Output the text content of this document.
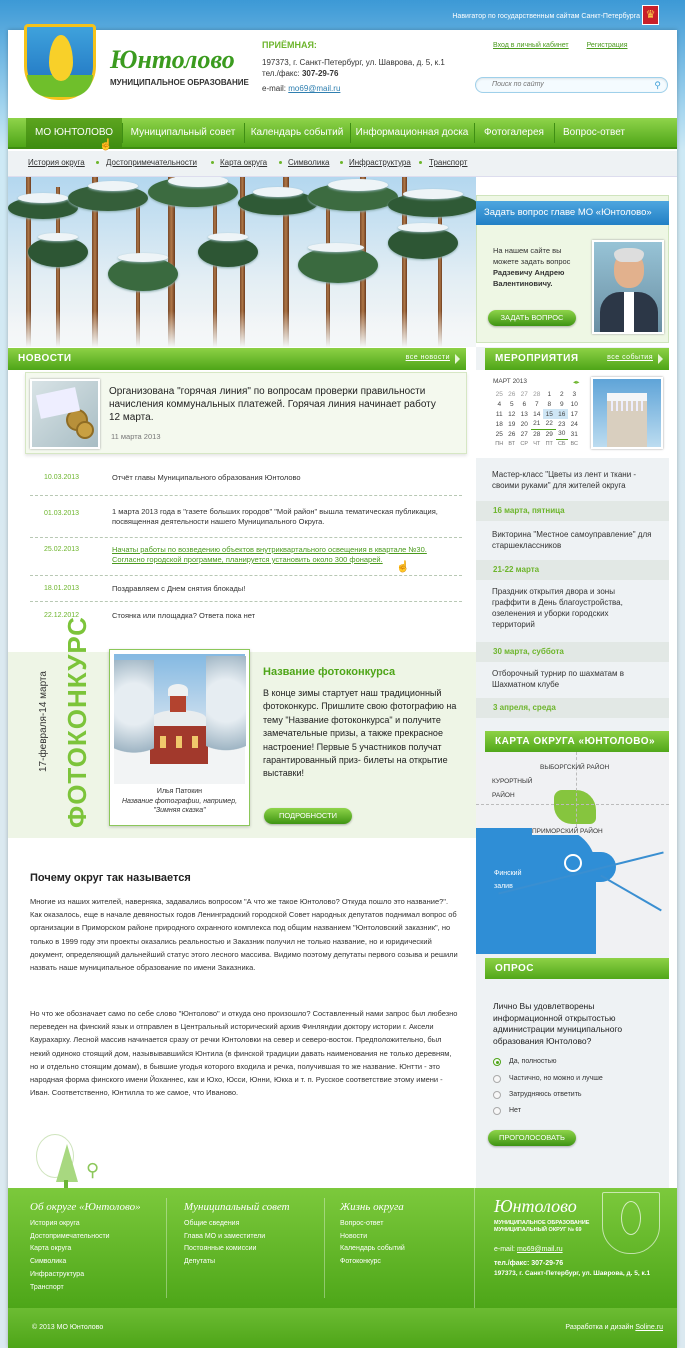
Навигатор по государственным сайтам Санкт-Петербурга ♛
Юнтолово
МУНИЦИПАЛЬНОЕ ОБРАЗОВАНИЕ
ПРИЁМНАЯ:
197373, г. Санкт-Петербург, ул. Шаврова, д. 5, к.1
тел./факс: 307-29-76
e-mail: mo69@mail.ru
Вход в личный кабинет	Регистрация
Поиск по сайту
⚲
МО ЮНТОЛОВО	Муниципальный совет	Календарь событий	Информационная доска	Фотогалерея	Вопрос-ответ
☝
История округа	Достопримечательности	Карта округа	Символика Инфраструктура Транспорт
Задать вопрос главе МО «Юнтолово»
На нашем сайте вы можете задать вопрос Радзевичу Андрею Валентиновичу.
ЗАДАТЬ ВОПРОС
НОВОСТИ	все новости
Организована "горячая линия" по вопросам проверки правильности начисления коммунальных платежей. Горячая линия начинает работу 12 марта.
11 марта 2013
10.03.2013	Отчёт главы Муниципального образования Юнтолово
01.03.2013	1 марта 2013 года в "газете больших городов" "Мой район" вышла тематическая публикация, посвященная деятельности нашего Муниципального Округа.
25.02.2013	Начаты работы по возведению объектов внутриквартального освещения в квартале №30. Согласно городской программе, планируется установить около 300 фонарей.
☝
18.01.2013	Поздравляем с Днем снятия блокады!
22.12.2012	Стоянка или площадка? Ответа пока нет
ФОТОКОНКУРС
17-февраля-14 марта
Илья Патокин
Название фотографии, например, "Зимняя сказка"
Название фотоконкурса
В конце зимы стартует наш традиционный фотоконкурс. Пришлите свою фотографию на тему "Название фотоконкурса" и получите замечательные призы, а также прекрасное настроение! Первые 5 участников получат гарантированный приз- билеты на открытие выставки!
ПОДРОБНОСТИ
Почему округ так называется
Многие из наших жителей, наверняка, задавались вопросом "А что же такое Юнтолово? Откуда пошло это название?". Как оказалось, еще в начале девяностых годов Ленинградский городской Совет народных депутатов поднимал вопрос об организации в Приморском районе природного охранного комплекса под общим названием "Юнтоловский заказник", но только в 1999 году эти проекты оказались реальностью и Заказник получил не только название, но и юридический документ, определяющий дальнейший статус этого лесного массива. Видимо поэтому депутаты первого созыва и решили назвать наше муниципальное образование по имени Заказника.
Но что же обозначает само по себе слово "Юнтолово" и откуда оно произошло? Составленный нами запрос был любезно переведен на финский язык и отправлен в Центральный исторический архив Финляндии доктору истории г. Аксели Каурахарху. Лесной массив начинается сразу от речки Юнтоловки на север и северо-восток. Предположительно, был некий одиноко стоящий дом, назывывавшийся Юнтила (в финской традиции давать наименования не только деревням, но и отдельно стоящим домам), в бывшие угодья которого входила и речка, получившая то же название. Юнтти - это народная форма финского имени Йоханнес, как и Юхо, Юсси, Юнни, Юкка и т. п. Русское соответствие этому имени - Иван. Соответственно, Юнтилла то же самое, что Иваново.
⚲
МЕРОПРИЯТИЯ	все события
МАРТ 2013	◂▸
25	26	27	28	1	2	3
4	5	6	7	8	9	10
11	12	13	14	15	16	17
18	19	20	21	22	23	24
25	26	27	28	29	30	31
ПН	ВТ	СР	ЧТ	ПТ	СБ	ВС
Мастер-класс "Цветы из лент и ткани - своими руками" для жителей округа
16 марта, пятница
Викторина "Местное самоуправление" для старшеклассников
21-22 марта
Праздник открытия двора и зоны граффити в День благоустройства, озеленения и уборки городских территорий
30 марта, суббота
Отборочный турнир по шахматам в Шахматном клубе
3 апреля, среда
КАРТА ОКРУГА «ЮНТОЛОВО»
ВЫБОРГСКИЙ РАЙОН
КУРОРТНЫЙ
РАЙОН
ПРИМОРСКИЙ РАЙОН
Финский
залив
ОПРОС
Лично Вы удовлетворены информационной открытостью администрации муниципального образования Юнтолово?
Да, полностью
Частично, но можно и лучше
Затрудняюсь ответить
Нет
ПРОГОЛОСОВАТЬ
Об округе «Юнтолово»
История округа
Достопримечательности
Карта округа
Символика
Инфраструктура
Транспорт
Муниципальный совет
Общие сведения
Глава МО и заместители
Постоянные комиссии
Депутаты
Жизнь округа
Вопрос-ответ
Новости
Календарь событий
Фотоконкурс
Юнтолово
МУНИЦИПАЛЬНОЕ ОБРАЗОВАНИЕ
МУНИЦИПАЛЬНЫЙ ОКРУГ № 69
e-mail: mo69@mail.ru
тел./факс: 307-29-76
197373, г. Санкт-Петербург, ул. Шаврова, д. 5, к.1
© 2013 МО Юнтолово	Разработка и дизайн Soline.ru
